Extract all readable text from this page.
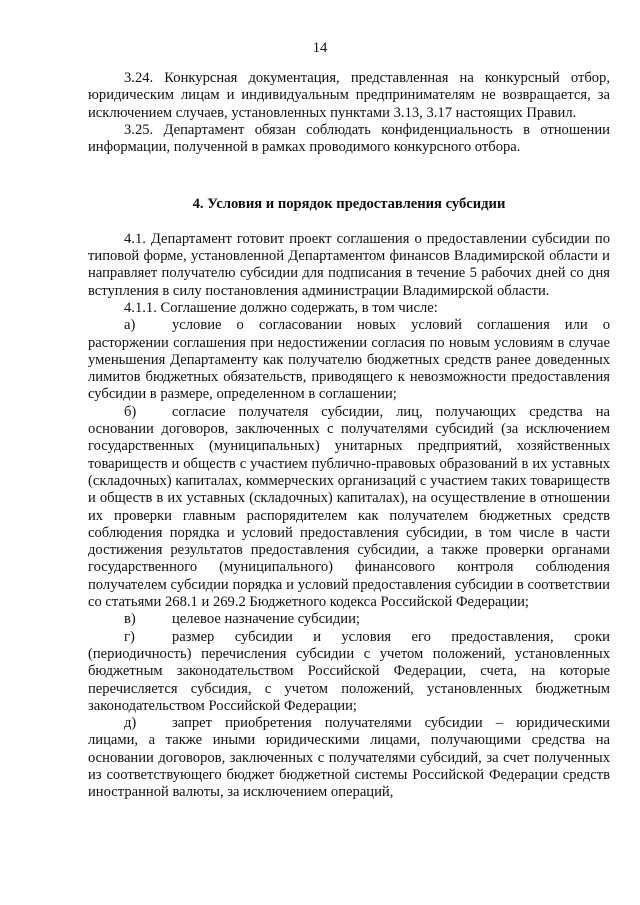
14

3.24. Конкурсная документация, представленная на конкурсный отбор, юридическим лицам и индивидуальным предпринимателям не возвращается, за исключением случаев, установленных пунктами 3.13, 3.17 настоящих Правил.

3.25. Департамент обязан соблюдать конфиденциальность в отношении информации, полученной в рамках проводимого конкурсного отбора.

4. Условия и порядок предоставления субсидии

4.1. Департамент готовит проект соглашения о предоставлении субсидии по типовой форме, установленной Департаментом финансов Владимирской области и направляет получателю субсидии для подписания в течение 5 рабочих дней со дня вступления в силу постановления администрации Владимирской области.

4.1.1. Соглашение должно содержать, в том числе:

а)	условие о согласовании новых условий соглашения или о расторжении соглашения при недостижении согласия по новым условиям в случае уменьшения Департаменту как получателю бюджетных средств ранее доведенных лимитов бюджетных обязательств, приводящего к невозможности предоставления субсидии в размере, определенном в соглашении;

б) согласие получателя субсидии, лиц, получающих средства на основании договоров, заключенных с получателями субсидий (за исключением государственных (муниципальных) унитарных предприятий, хозяйственных товариществ и обществ с участием публично-правовых образований в их уставных (складочных) капиталах, коммерческих организаций с участием таких товариществ и обществ в их уставных (складочных) капиталах), на осуществление в отношении их проверки главным распорядителем как получателем бюджетных средств соблюдения порядка и условий предоставления субсидии, в том числе в части достижения результатов предоставления субсидии, а также проверки органами государственного (муниципального) финансового контроля соблюдения получателем субсидии порядка и условий предоставления субсидии в соответствии со статьями 268.1 и 269.2 Бюджетного кодекса Российской Федерации;

в) целевое назначение субсидии;

г)	размер субсидии и условия его предоставления, сроки (периодичность) перечисления субсидии с учетом положений, установленных бюджетным законодательством Российской Федерации, счета, на которые перечисляется субсидия, с учетом положений, установленных бюджетным законодательством Российской Федерации;

д) запрет приобретения получателями субсидии – юридическими лицами, а также иными юридическими лицами, получающими средства на основании договоров, заключенных с получателями субсидий, за счет полученных из соответствующего бюджет бюджетной системы Российской Федерации средств иностранной валюты, за исключением операций,
